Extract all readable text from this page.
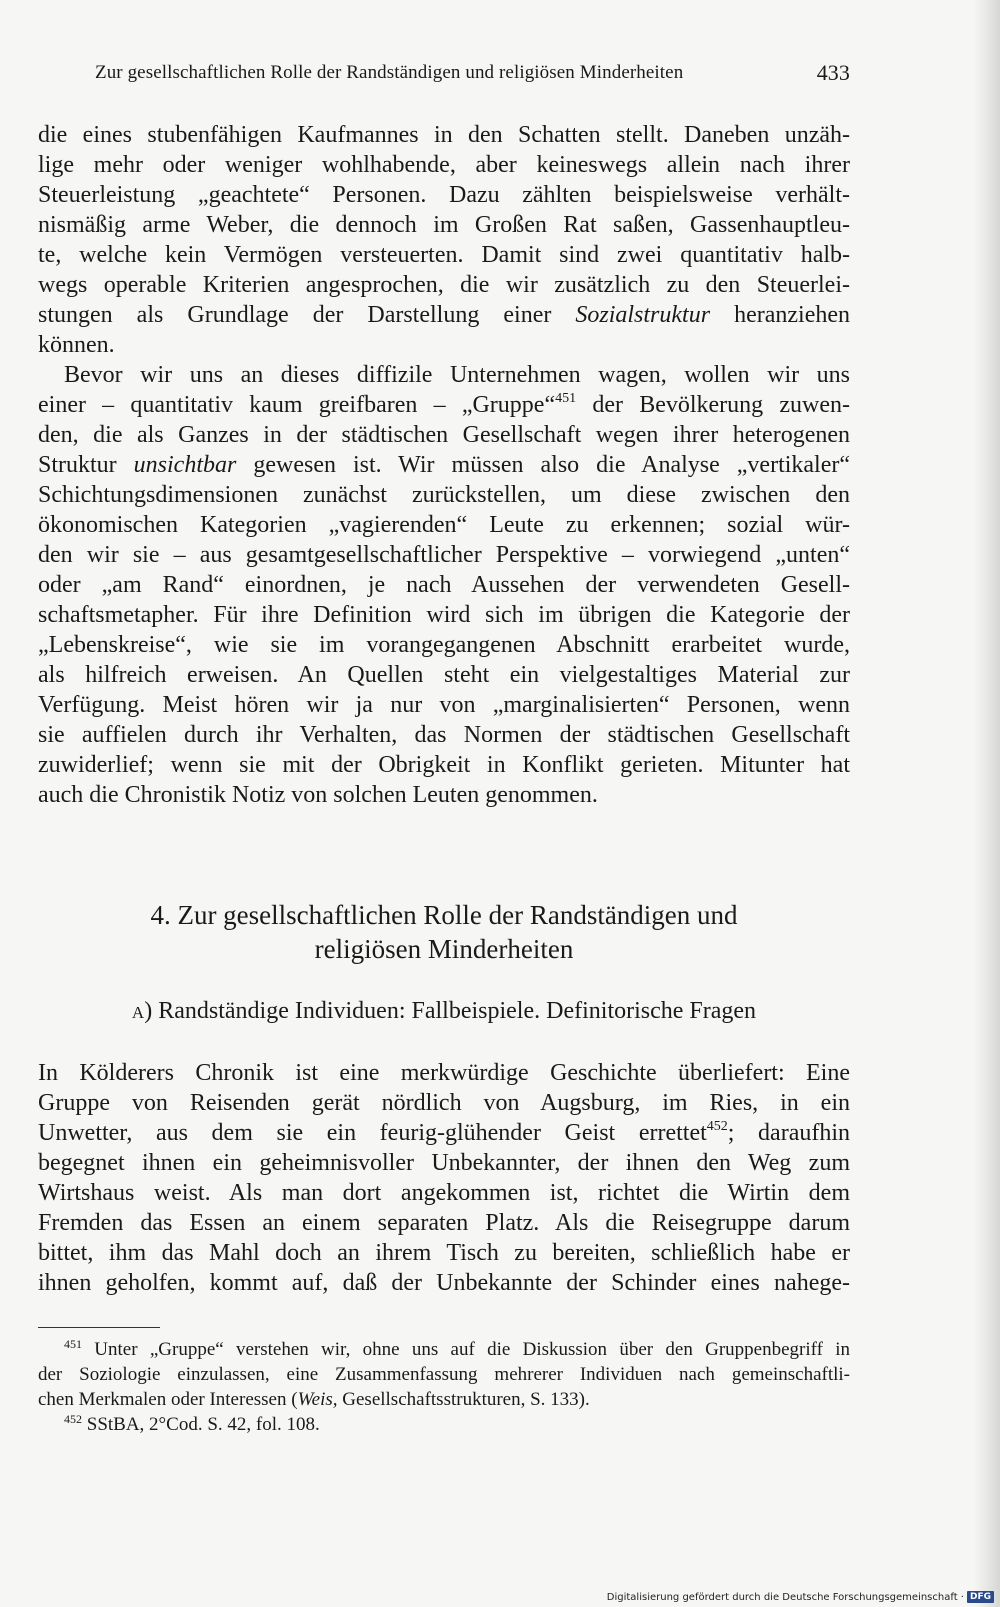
Zur gesellschaftlichen Rolle der Randständigen und religiösen Minderheiten	433
die eines stubenfähigen Kaufmannes in den Schatten stellt. Daneben unzäh-
lige mehr oder weniger wohlhabende, aber keineswegs allein nach ihrer
Steuerleistung „geachtete“ Personen. Dazu zählten beispielsweise verhält-
nismäßig arme Weber, die dennoch im Großen Rat saßen, Gassenhauptleu-
te, welche kein Vermögen versteuerten. Damit sind zwei quantitativ halb-
wegs operable Kriterien angesprochen, die wir zusätzlich zu den Steuerlei-
stungen als Grundlage der Darstellung einer Sozialstruktur heranziehen
können.
Bevor wir uns an dieses diffizile Unternehmen wagen, wollen wir uns
einer – quantitativ kaum greifbaren – „Gruppe“$^{451}$ der Bevölkerung zuwen-
den, die als Ganzes in der städtischen Gesellschaft wegen ihrer heterogenen
Struktur unsichtbar gewesen ist. Wir müssen also die Analyse „vertikaler“
Schichtungsdimensionen zunächst zurückstellen, um diese zwischen den
ökonomischen Kategorien „vagierenden“ Leute zu erkennen; sozial wür-
den wir sie – aus gesamtgesellschaftlicher Perspektive – vorwiegend „unten“
oder „am Rand“ einordnen, je nach Aussehen der verwendeten Gesell-
schaftsmetapher. Für ihre Definition wird sich im übrigen die Kategorie der
„Lebenskreise“, wie sie im vorangegangenen Abschnitt erarbeitet wurde,
als hilfreich erweisen. An Quellen steht ein vielgestaltiges Material zur
Verfügung. Meist hören wir ja nur von „marginalisierten“ Personen, wenn
sie auffielen durch ihr Verhalten, das Normen der städtischen Gesellschaft
zuwiderlief; wenn sie mit der Obrigkeit in Konflikt gerieten. Mitunter hat
auch die Chronistik Notiz von solchen Leuten genommen.
4. Zur gesellschaftlichen Rolle der Randständigen und
religiösen Minderheiten
a) Randständige Individuen: Fallbeispiele. Definitorische Fragen
In Kölderers Chronik ist eine merkwürdige Geschichte überliefert: Eine
Gruppe von Reisenden gerät nördlich von Augsburg, im Ries, in ein
Unwetter, aus dem sie ein feurig-glühender Geist errettet$^{452}$; daraufhin
begegnet ihnen ein geheimnisvoller Unbekannter, der ihnen den Weg zum
Wirtshaus weist. Als man dort angekommen ist, richtet die Wirtin dem
Fremden das Essen an einem separaten Platz. Als die Reisegruppe darum
bittet, ihm das Mahl doch an ihrem Tisch zu bereiten, schließlich habe er
ihnen geholfen, kommt auf, daß der Unbekannte der Schinder eines nahege-
$^{451}$ Unter „Gruppe“ verstehen wir, ohne uns auf die Diskussion über den Gruppenbegriff in
der Soziologie einzulassen, eine Zusammenfassung mehrerer Individuen nach gemeinschaftli-
chen Merkmalen oder Interessen (Weis, Gesellschaftsstrukturen, S. 133).
$^{452}$ SStBA, 2°Cod. S. 42, fol. 108.
Digitalisierung gefördert durch die Deutsche Forschungsgemeinschaft · DFG
